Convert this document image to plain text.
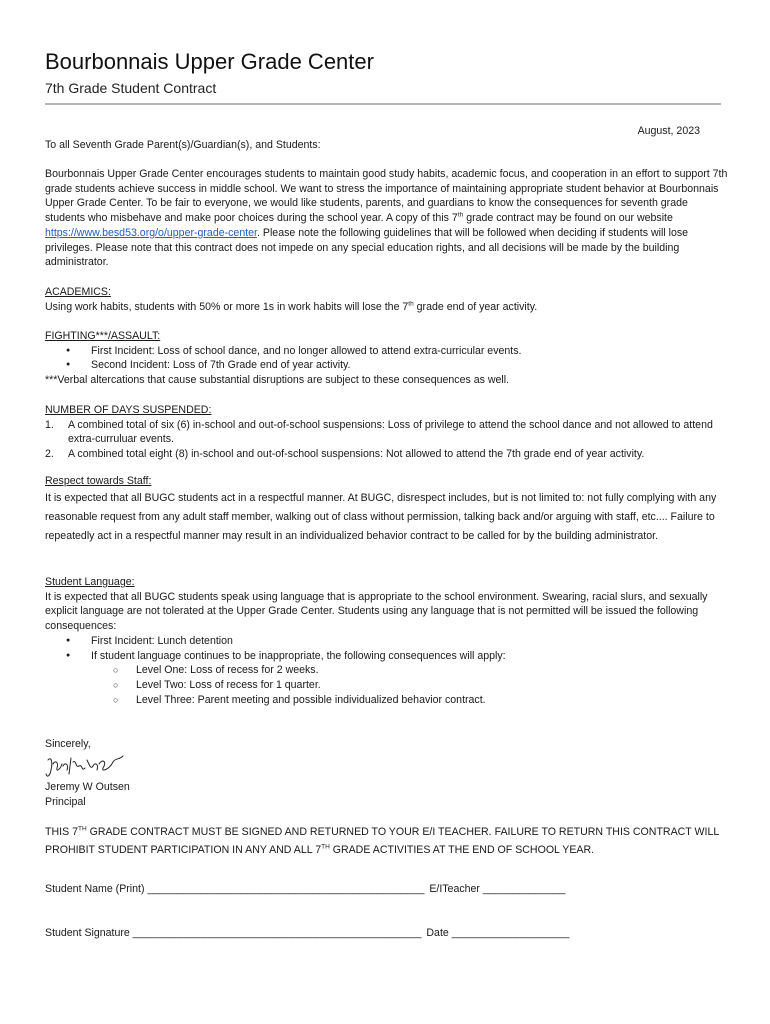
Bourbonnais Upper Grade Center
7th Grade Student Contract
August, 2023
To all Seventh Grade Parent(s)/Guardian(s), and Students:
Bourbonnais Upper Grade Center encourages students to maintain good study habits, academic focus, and cooperation in an effort to support 7th grade students achieve success in middle school. We want to stress the importance of maintaining appropriate student behavior at Bourbonnais Upper Grade Center. To be fair to everyone, we would like students, parents, and guardians to know the consequences for seventh grade students who misbehave and make poor choices during the school year. A copy of this 7th grade contract may be found on our website https://www.besd53.org/o/upper-grade-center. Please note the following guidelines that will be followed when deciding if students will lose privileges. Please note that this contract does not impede on any special education rights, and all decisions will be made by the building administrator.
ACADEMICS:
Using work habits, students with 50% or more 1s in work habits will lose the 7th grade end of year activity.
FIGHTING***/ASSAULT:
● First Incident: Loss of school dance, and no longer allowed to attend extra-curricular events.
● Second Incident: Loss of 7th Grade end of year activity.
***Verbal altercations that cause substantial disruptions are subject to these consequences as well.
NUMBER OF DAYS SUSPENDED:
1. A combined total of six (6) in-school and out-of-school suspensions: Loss of privilege to attend the school dance and not allowed to attend extra-curruluar events.
2. A combined total eight (8) in-school and out-of-school suspensions: Not allowed to attend the 7th grade end of year activity.

Respect towards Staff:

It is expected that all BUGC students act in a respectful manner. At BUGC, disrespect includes, but is not limited to: not fully complying with any reasonable request from any adult staff member, walking out of class without permission, talking back and/or arguing with staff, etc.... Failure to repeatedly act in a respectful manner may result in an individualized behavior contract to be called for by the building administrator.

Student Language:
It is expected that all BUGC students speak using language that is appropriate to the school environment. Swearing, racial slurs, and sexually explicit language are not tolerated at the Upper Grade Center. Students using any language that is not permitted will be issued the following consequences:
● First Incident: Lunch detention
● If student language continues to be inappropriate, the following consequences will apply:
○ Level One: Loss of recess for 2 weeks.
○ Level Two: Loss of recess for 1 quarter.
○ Level Three: Parent meeting and possible individualized behavior contract.
Sincerely,
Jeremy W Outsen
Principal
THIS 7TH GRADE CONTRACT MUST BE SIGNED AND RETURNED TO YOUR E/I TEACHER. FAILURE TO RETURN THIS CONTRACT WILL PROHIBIT STUDENT PARTICIPATION IN ANY AND ALL 7TH GRADE ACTIVITIES AT THE END OF SCHOOL YEAR.
Student Name (Print) _______________________________________________ E/ITeacher ______________
Student Signature _________________________________________________ Date ____________________
